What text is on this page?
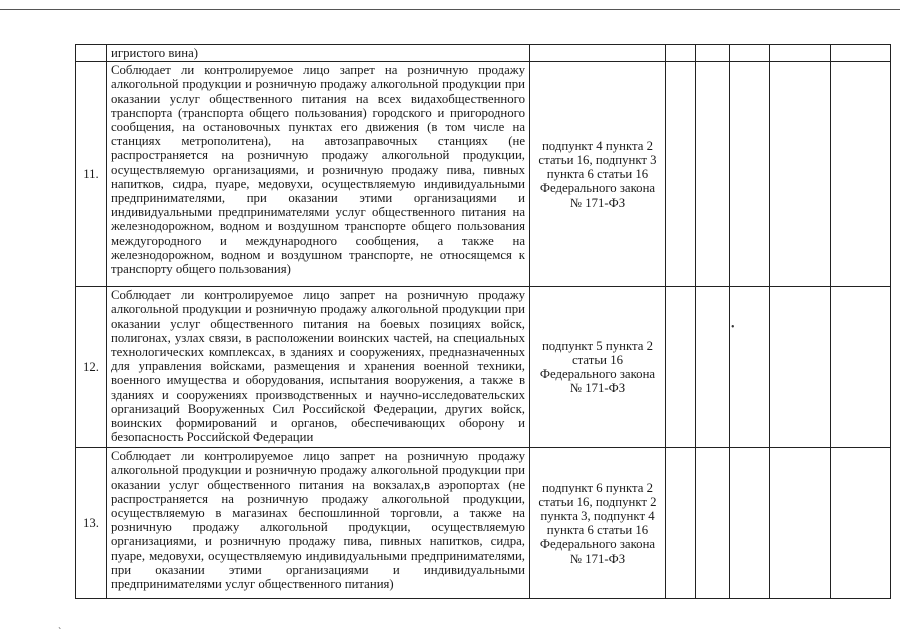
	игристого вина)						
11.	Соблюдает ли контролируемое лицо запрет на розничную продажу алкогольной продукции и розничную продажу алкогольной продукции при оказании услуг общественного питания на всех видахобщественного транспорта (транспорта общего пользования) городского и пригородного сообщения, на остановочных пунктах его движения (в том числе на станциях метрополитена), на автозаправочных станциях (не распространяется на розничную продажу алкогольной продукции, осуществляемую организациями, и розничную продажу пива, пивных напитков, сидра, пуаре, медовухи, осуществляемую индивидуальными предпринимателями, при оказании этими организациями и индивидуальными предпринимателями услуг общественного питания на железнодорожном, водном и воздушном транспорте общего пользования междугородного и международного сообщения, а также на железнодорожном, водном и воздушном транспорте, не относящемся к транспорту общего пользования)	подпункт 4 пункта 2 статьи 16, подпункт 3 пункта 6 статьи 16 Федерального закона № 171-ФЗ					
12.	Соблюдает ли контролируемое лицо запрет на розничную продажу алкогольной продукции и розничную продажу алкогольной продукции при оказании услуг общественного питания на боевых позициях войск, полигонах, узлах связи, в расположении воинских частей, на специальных технологических комплексах, в зданиях и сооружениях, предназначенных для управления войсками, размещения и хранения военной техники, военного имущества и оборудования, испытания вооружения, а также в зданиях и сооружениях производственных и научно-исследовательских организаций Вооруженных Сил Российской Федерации, других войск, воинских формирований и органов, обеспечивающих оборону и безопасность Российской Федерации	подпункт 5 пункта 2 статьи 16 Федерального закона № 171-ФЗ					
13.	Соблюдает ли контролируемое лицо запрет на розничную продажу алкогольной продукции и розничную продажу алкогольной продукции при оказании услуг общественного питания на вокзалах,в аэропортах (не распространяется на розничную продажу алкогольной продукции, осуществляемую в магазинах беспошлинной торговли, а также на розничную продажу алкогольной продукции, осуществляемую организациями, и розничную продажу пива, пивных напитков, сидра, пуаре, медовухи, осуществляемую индивидуальными предпринимателями, при оказании этими организациями и индивидуальными предпринимателями услуг общественного питания)	подпункт 6 пункта 2 статьи 16, подпункт 2 пункта 3, подпункт 4 пункта 6 статьи 16 Федерального закона № 171-ФЗ					
•
`
